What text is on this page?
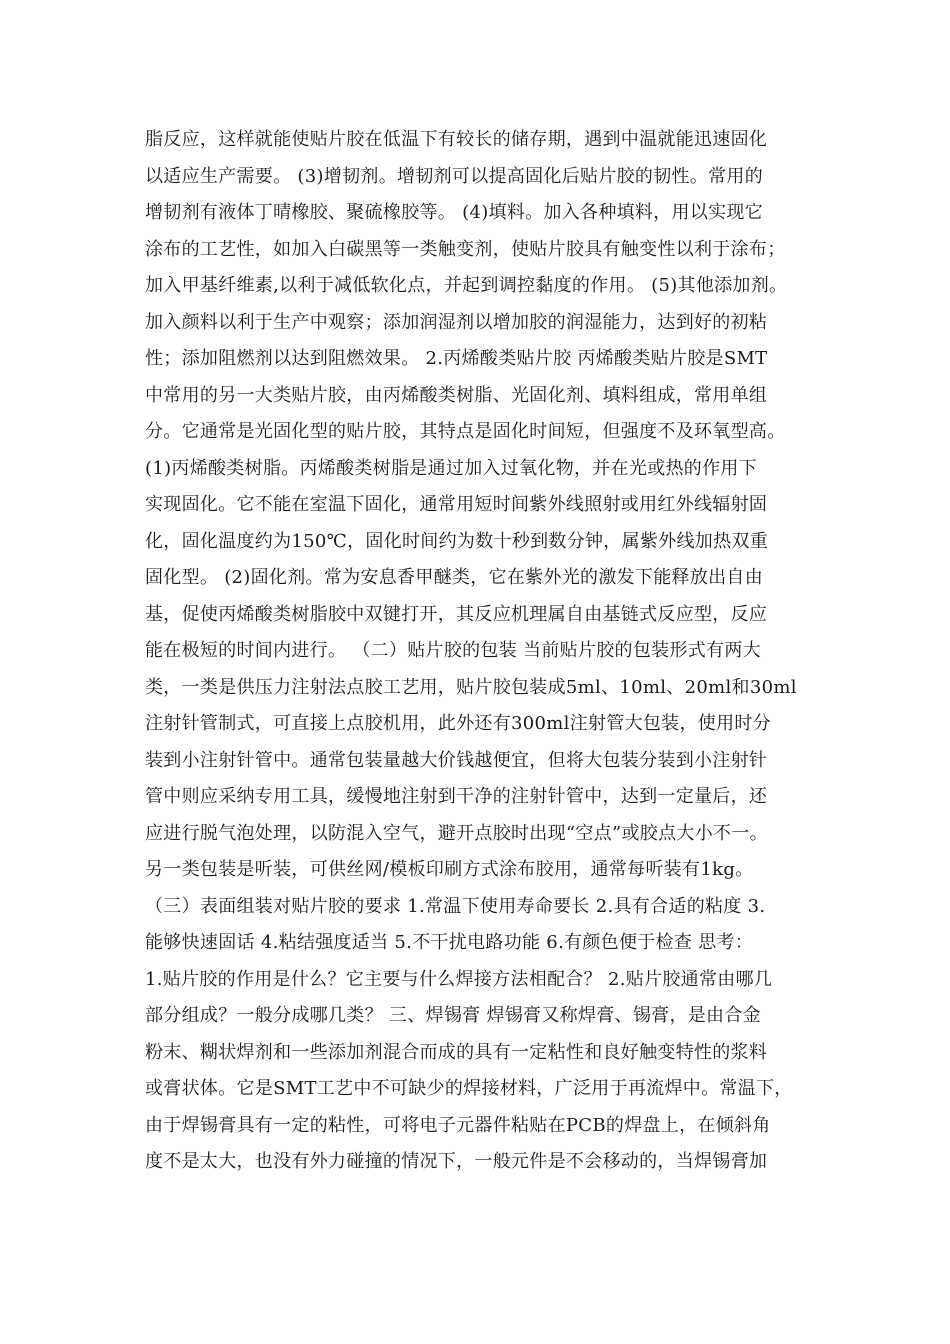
脂反应，这样就能使贴片胶在低温下有较长的储存期，遇到中温就能迅速固化
以适应生产需要。 (3)增韧剂。增韧剂可以提高固化后贴片胶的韧性。常用的
增韧剂有液体丁晴橡胶、聚硫橡胶等。 (4)填料。加入各种填料，用以实现它
涂布的工艺性，如加入白碳黑等一类触变剂，使贴片胶具有触变性以利于涂布；
加入甲基纤维素,以利于减低软化点，并起到调控黏度的作用。 (5)其他添加剂。
加入颜料以利于生产中观察；添加润湿剂以增加胶的润湿能力，达到好的初粘
性；添加阻燃剂以达到阻燃效果。 2.丙烯酸类贴片胶 丙烯酸类贴片胶是SMT
中常用的另一大类贴片胶，由丙烯酸类树脂、光固化剂、填料组成，常用单组
分。它通常是光固化型的贴片胶，其特点是固化时间短，但强度不及环氧型高。
(1)丙烯酸类树脂。丙烯酸类树脂是通过加入过氧化物，并在光或热的作用下
实现固化。它不能在室温下固化，通常用短时间紫外线照射或用红外线辐射固
化，固化温度约为150℃，固化时间约为数十秒到数分钟，属紫外线加热双重
固化型。 (2)固化剂。常为安息香甲醚类，它在紫外光的激发下能释放出自由
基，促使丙烯酸类树脂胶中双键打开，其反应机理属自由基链式反应型，反应
能在极短的时间内进行。 （二）贴片胶的包装 当前贴片胶的包装形式有两大
类，一类是供压力注射法点胶工艺用，贴片胶包装成5ml、10ml、20ml和30ml
注射针管制式，可直接上点胶机用，此外还有300ml注射管大包装，使用时分
装到小注射针管中。通常包装量越大价钱越便宜，但将大包装分装到小注射针
管中则应采纳专用工具，缓慢地注射到干净的注射针管中，达到一定量后，还
应进行脱气泡处理，以防混入空气，避开点胶时出现“空点”或胶点大小不一。
另一类包装是听装，可供丝网/模板印刷方式涂布胶用，通常每听装有1kg。
（三）表面组装对贴片胶的要求 1.常温下使用寿命要长 2.具有合适的粘度 3.
能够快速固话 4.粘结强度适当 5.不干扰电路功能 6.有颜色便于检查 思考：
1.贴片胶的作用是什么？它主要与什么焊接方法相配合？ 2.贴片胶通常由哪几
部分组成？一般分成哪几类？ 三、焊锡膏 焊锡膏又称焊膏、锡膏，是由合金
粉末、糊状焊剂和一些添加剂混合而成的具有一定粘性和良好触变特性的浆料
或膏状体。它是SMT工艺中不可缺少的焊接材料，广泛用于再流焊中。常温下，
由于焊锡膏具有一定的粘性，可将电子元器件粘贴在PCB的焊盘上，在倾斜角
度不是太大，也没有外力碰撞的情况下，一般元件是不会移动的，当焊锡膏加
